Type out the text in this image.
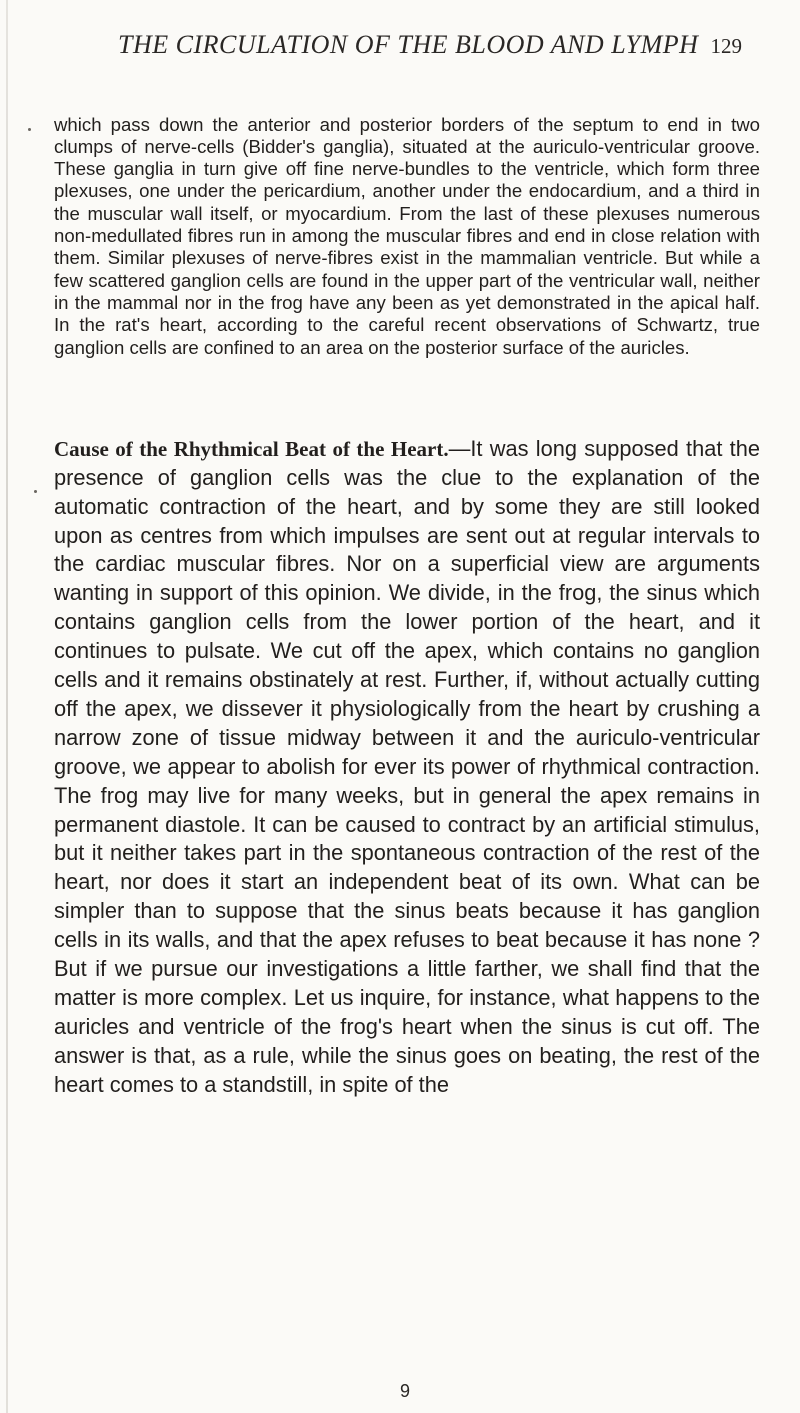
THE CIRCULATION OF THE BLOOD AND LYMPH 129

which pass down the anterior and posterior borders of the septum to end in two clumps of nerve-cells (Bidder's ganglia), situated at the auriculo-ventricular groove. These ganglia in turn give off fine nerve-bundles to the ventricle, which form three plexuses, one under the pericardium, another under the endocardium, and a third in the muscular wall itself, or myocardium. From the last of these plexuses numerous non-medullated fibres run in among the muscular fibres and end in close relation with them. Similar plexuses of nerve-fibres exist in the mammalian ventricle. But while a few scattered ganglion cells are found in the upper part of the ventricular wall, neither in the mammal nor in the frog have any been as yet demonstrated in the apical half. In the rat's heart, according to the careful recent observations of Schwartz, true ganglion cells are confined to an area on the posterior surface of the auricles.

Cause of the Rhythmical Beat of the Heart.—It was long supposed that the presence of ganglion cells was the clue to the explanation of the automatic contraction of the heart, and by some they are still looked upon as centres from which impulses are sent out at regular intervals to the cardiac muscular fibres. Nor on a superficial view are arguments wanting in support of this opinion. We divide, in the frog, the sinus which contains ganglion cells from the lower portion of the heart, and it continues to pulsate. We cut off the apex, which contains no ganglion cells and it remains obstinately at rest. Further, if, without actually cutting off the apex, we dissever it physiologically from the heart by crushing a narrow zone of tissue midway between it and the auriculo-ventricular groove, we appear to abolish for ever its power of rhythmical contraction. The frog may live for many weeks, but in general the apex remains in permanent diastole. It can be caused to contract by an artificial stimulus, but it neither takes part in the spontaneous contraction of the rest of the heart, nor does it start an independent beat of its own. What can be simpler than to suppose that the sinus beats because it has ganglion cells in its walls, and that the apex refuses to beat because it has none ? But if we pursue our investigations a little farther, we shall find that the matter is more complex. Let us inquire, for instance, what happens to the auricles and ventricle of the frog's heart when the sinus is cut off. The answer is that, as a rule, while the sinus goes on beating, the rest of the heart comes to a standstill, in spite of the

9
